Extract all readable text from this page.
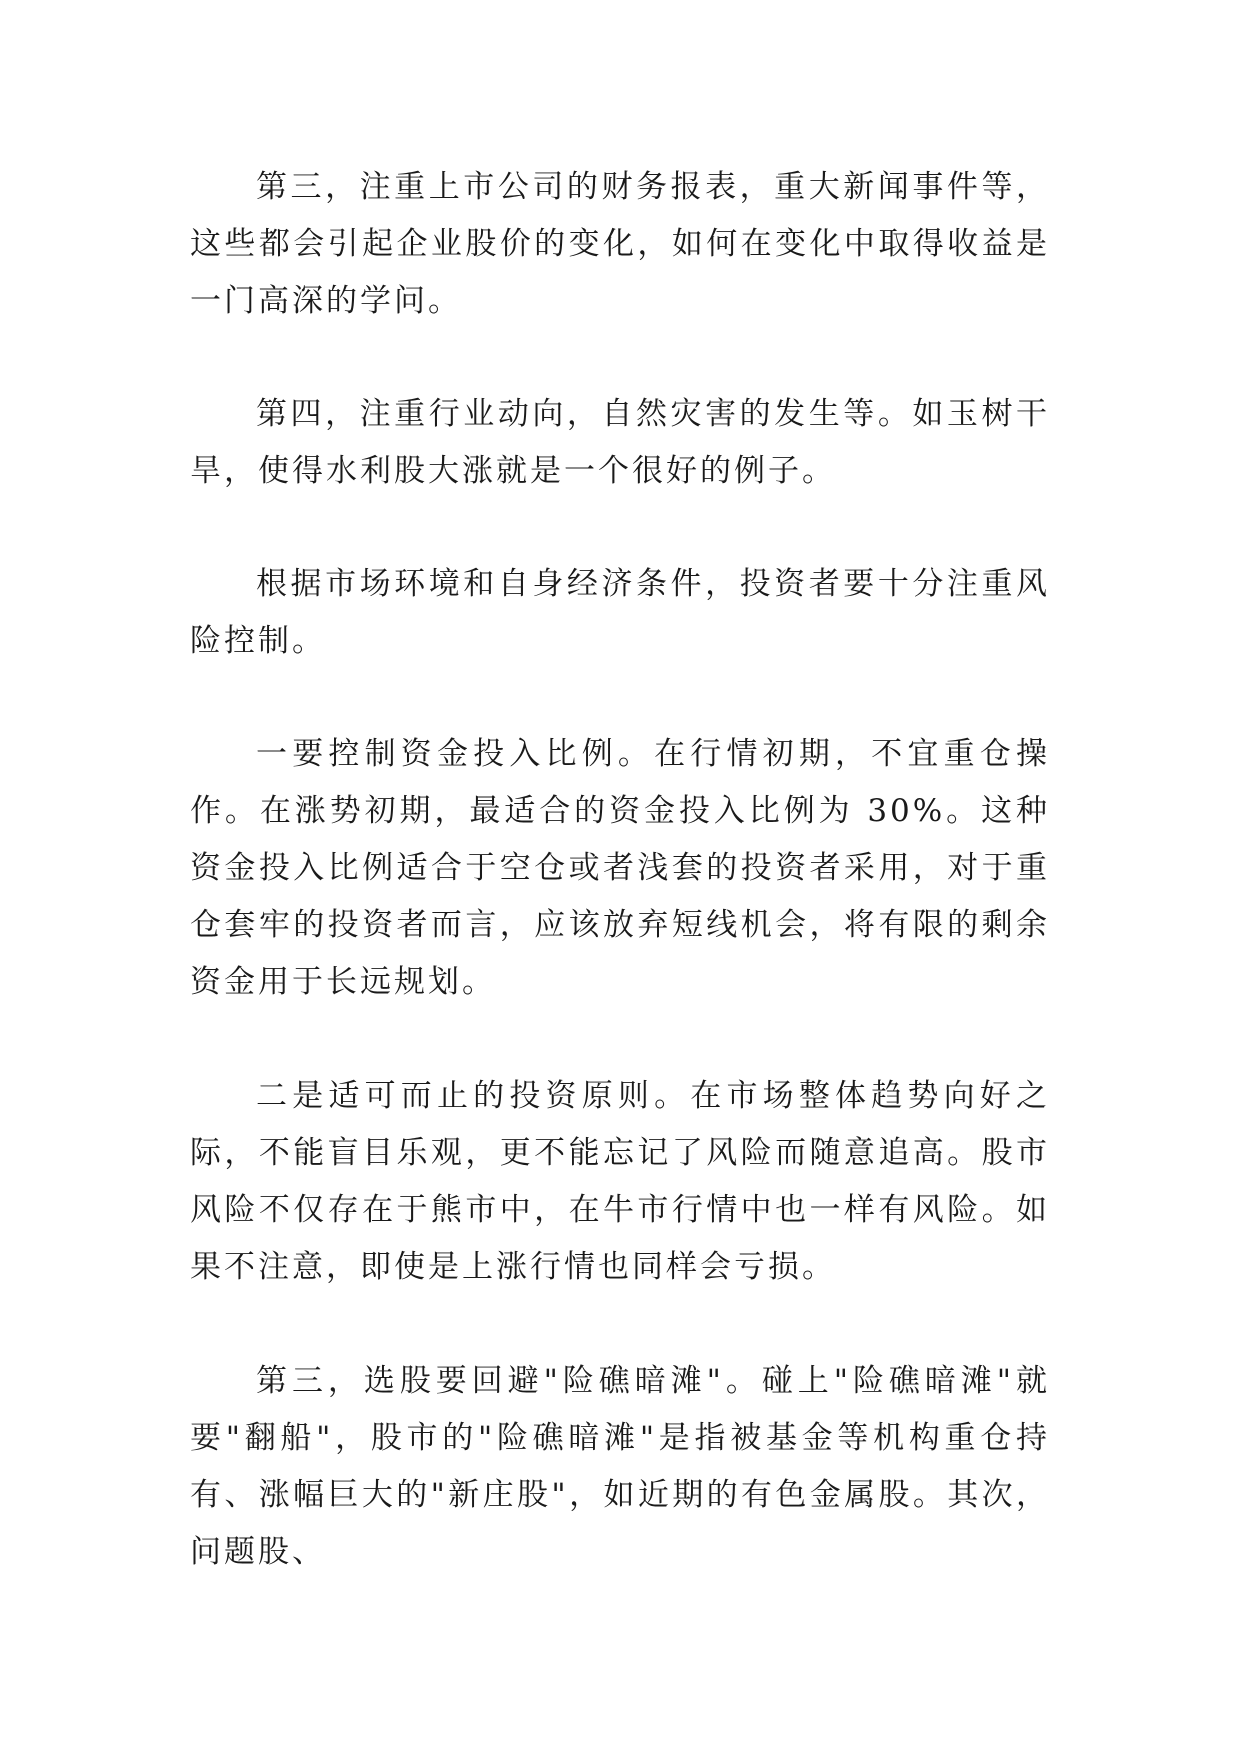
第三，注重上市公司的财务报表，重大新闻事件等，这些都会引起企业股价的变化，如何在变化中取得收益是一门高深的学问。

第四，注重行业动向，自然灾害的发生等。如玉树干旱，使得水利股大涨就是一个很好的例子。

根据市场环境和自身经济条件，投资者要十分注重风险控制。

一要控制资金投入比例。在行情初期，不宜重仓操作。在涨势初期，最适合的资金投入比例为 30%。这种资金投入比例适合于空仓或者浅套的投资者采用，对于重仓套牢的投资者而言，应该放弃短线机会，将有限的剩余资金用于长远规划。

二是适可而止的投资原则。在市场整体趋势向好之际，不能盲目乐观，更不能忘记了风险而随意追高。股市风险不仅存在于熊市中，在牛市行情中也一样有风险。如果不注意，即使是上涨行情也同样会亏损。

第三，选股要回避"险礁暗滩"。碰上"险礁暗滩"就要"翻船"，股市的"险礁暗滩"是指被基金等机构重仓持有、涨幅巨大的"新庄股"，如近期的有色金属股。其次，问题股、
